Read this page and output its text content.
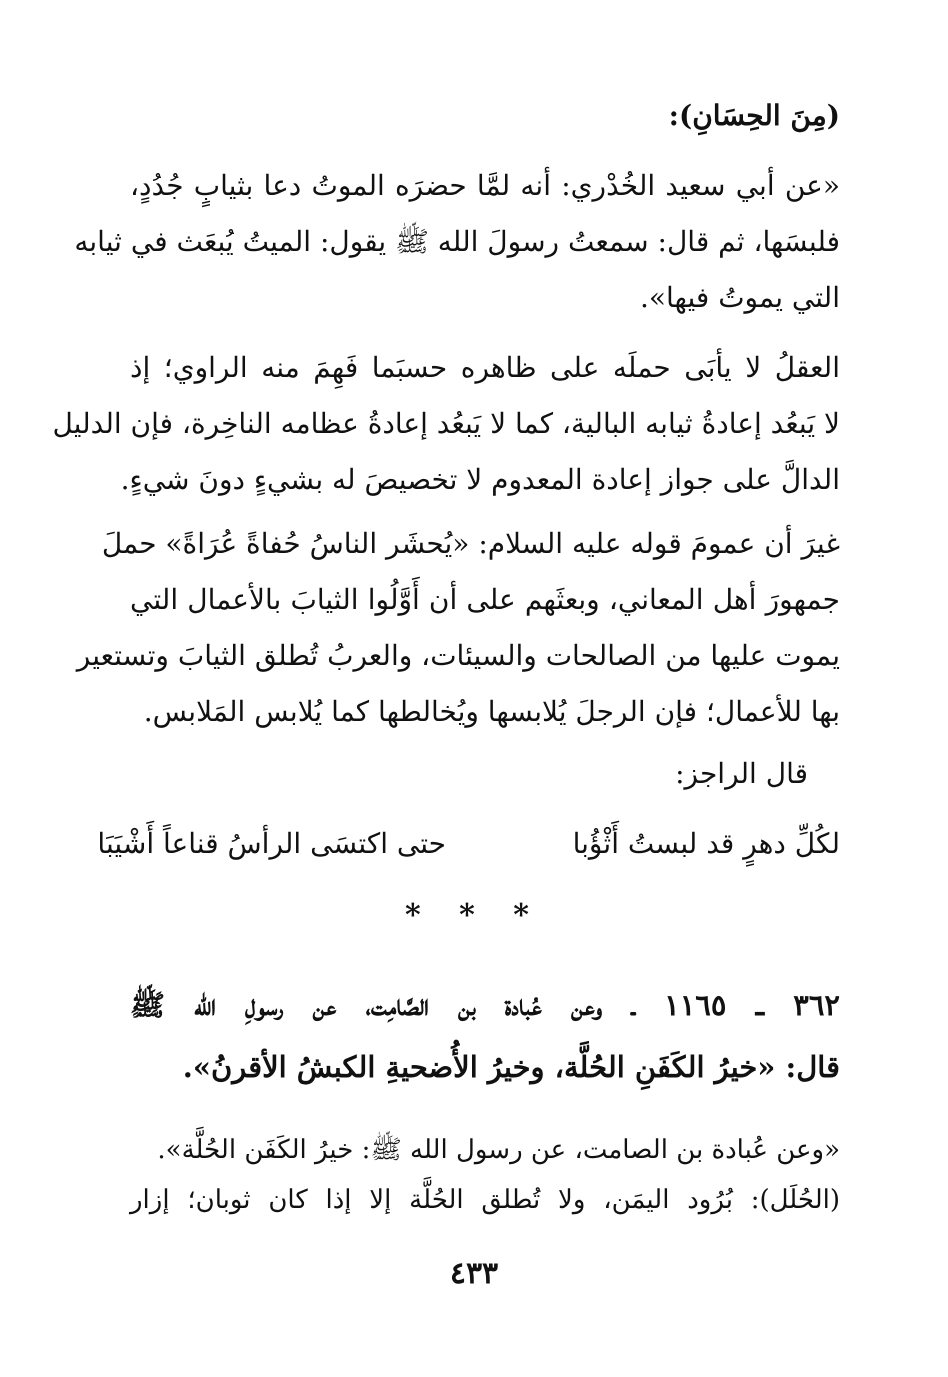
(مِنَ الحِسَانِ):
«عن أبي سعيد الخُدْري: أنه لمَّا حضرَه الموتُ دعا بثيابٍ جُدُدٍ،
فلبسَها، ثم قال: سمعتُ رسولَ الله ﷺ يقول: الميتُ يُبعَث في ثيابه
التي يموتُ فيها».
العقلُ لا يأبَى حملَه على ظاهره حسبَما فَهِمَ منه الراوي؛ إذ
لا يَبعُد إعادةُ ثيابه البالية، كما لا يَبعُد إعادةُ عظامه الناخِرة، فإن الدليل
الدالَّ على جواز إعادة المعدوم لا تخصيصَ له بشيءٍ دونَ شيءٍ.
غيرَ أن عمومَ قوله عليه السلام: «يُحشَر الناسُ حُفاةً عُرَاةً» حملَ
جمهورَ أهل المعاني، وبعثَهم على أن أَوَّلُوا الثيابَ بالأعمال التي
يموت عليها من الصالحات والسيئات، والعربُ تُطلق الثيابَ وتستعير
بها للأعمال؛ فإن الرجلَ يُلابسها ويُخالطها كما يُلابس المَلابس.
قال الراجز:
لكُلِّ دهرٍ قد لبستُ أَثْؤُبا
حتى اكتسَى الرأسُ قناعاً أَشْيَبَا
* * *
٣٦٢ ـ ١١٦٥ ـ وعن عُبادة بن الصَّامِت، عن رسولِ الله ﷺ
قال: «خيرُ الكَفَنِ الحُلَّة، وخيرُ الأُضحيةِ الكبشُ الأقرنُ».
«وعن عُبادة بن الصامت، عن رسول الله ﷺ: خيرُ الكَفَن الحُلَّة».
(الحُلَل): بُرُود اليمَن، ولا تُطلق الحُلَّة إلا إذا كان ثوبان؛ إزار
٤٣٣
